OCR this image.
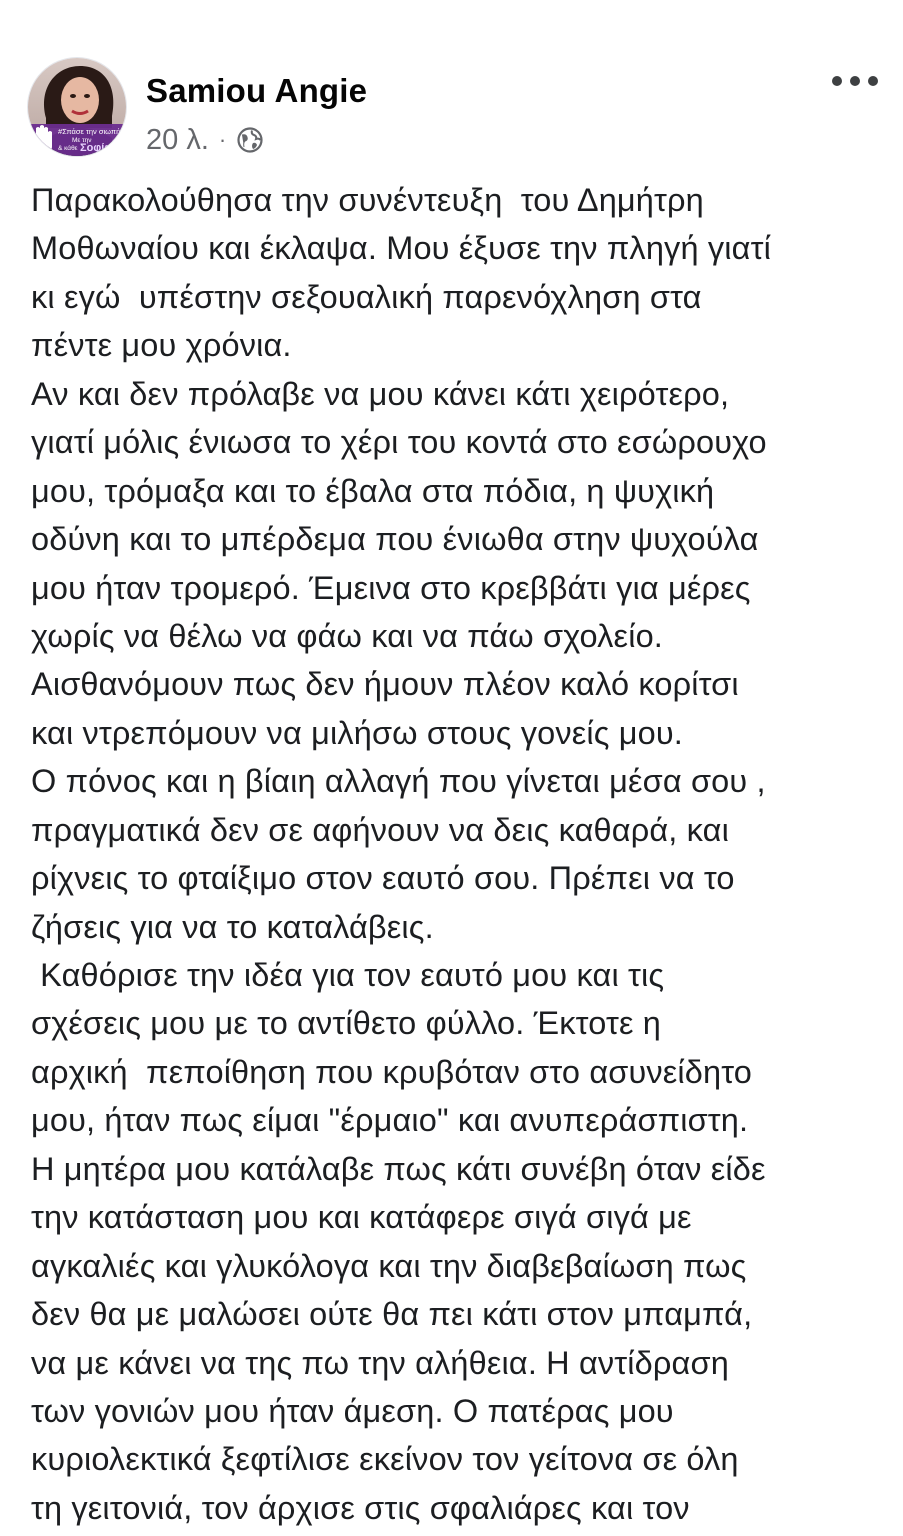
#Σπάσε την σιωπή
Με την
& κάθε Σοφία
Samiou Angie
20 λ. ·
Παρακολούθησα την συνέντευξη  του Δημήτρη
Μοθωναίου και έκλαψα. Μου έξυσε την πληγή γιατί
κι εγώ  υπέστην σεξουαλική παρενόχληση στα
πέντε μου χρόνια.
Αν και δεν πρόλαβε να μου κάνει κάτι χειρότερο,
γιατί μόλις ένιωσα το χέρι του κοντά στο εσώρουχο
μου, τρόμαξα και το έβαλα στα πόδια, η ψυχική
οδύνη και το μπέρδεμα που ένιωθα στην ψυχούλα
μου ήταν τρομερό. Έμεινα στο κρεββάτι για μέρες
χωρίς να θέλω να φάω και να πάω σχολείο.
Αισθανόμουν πως δεν ήμουν πλέον καλό κορίτσι
και ντρεπόμουν να μιλήσω στους γονείς μου.
Ο πόνος και η βίαιη αλλαγή που γίνεται μέσα σου ,
πραγματικά δεν σε αφήνουν να δεις καθαρά, και
ρίχνεις το φταίξιμο στον εαυτό σου. Πρέπει να το
ζήσεις για να το καταλάβεις.
Καθόρισε την ιδέα για τον εαυτό μου και τις
σχέσεις μου με το αντίθετο φύλλο. Έκτοτε η
αρχική  πεποίθηση που κρυβόταν στο ασυνείδητο
μου, ήταν πως είμαι "έρμαιο" και ανυπεράσπιστη.
Η μητέρα μου κατάλαβε πως κάτι συνέβη όταν είδε
την κατάσταση μου και κατάφερε σιγά σιγά με
αγκαλιές και γλυκόλογα και την διαβεβαίωση πως
δεν θα με μαλώσει ούτε θα πει κάτι στον μπαμπά,
να με κάνει να της πω την αλήθεια. Η αντίδραση
των γονιών μου ήταν άμεση. Ο πατέρας μου
κυριολεκτικά ξεφτίλισε εκείνον τον γείτονα σε όλη
τη γειτονιά, τον άρχισε στις σφαλιάρες και τον
